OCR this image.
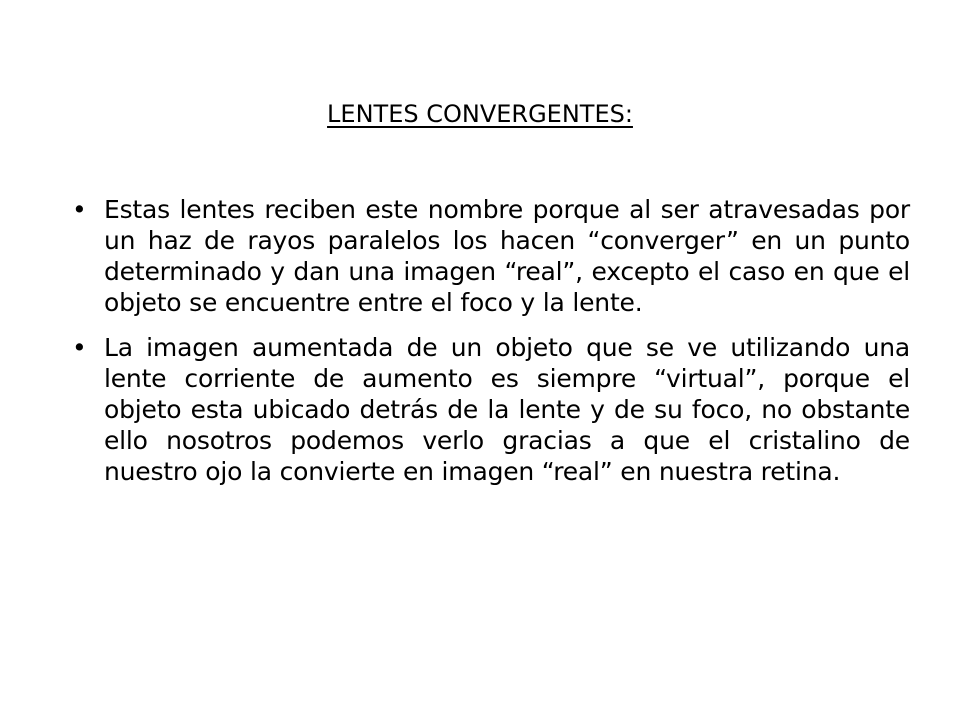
LENTES CONVERGENTES:
• Estas lentes reciben este nombre porque al ser atravesadas por un haz de rayos paralelos los hacen “converger” en un punto determinado y dan una imagen “real”, excepto el caso en que el objeto se encuentre entre el foco y la lente.
• La imagen aumentada de un objeto que se ve utilizando una lente corriente de aumento es siempre “virtual”, porque el objeto esta ubicado detrás de la lente y de su foco, no obstante ello nosotros podemos verlo gracias a que el cristalino de nuestro ojo la convierte en imagen “real” en nuestra retina.
